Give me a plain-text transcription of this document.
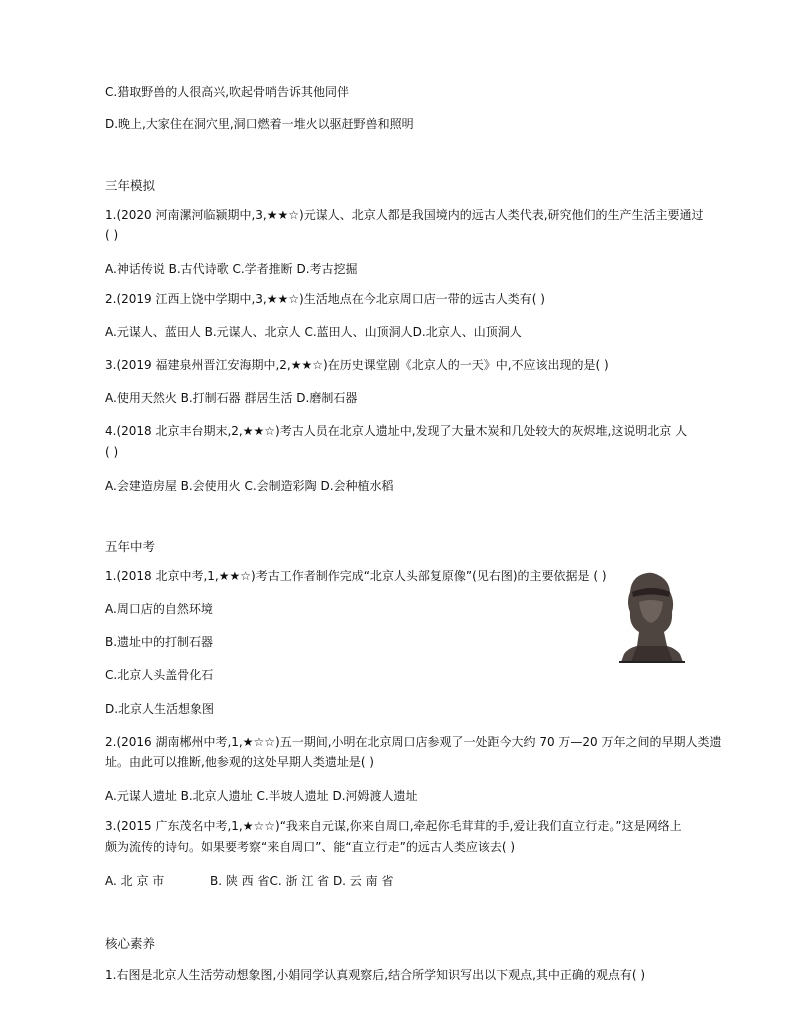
C.猎取野兽的人很高兴,吹起骨哨告诉其他同伴
D.晚上,大家住在洞穴里,洞口燃着一堆火以驱赶野兽和照明
三年模拟
1.(2020 河南漯河临颍期中,3,★★☆)元谋人、北京人都是我国境内的远古人类代表,研究他们的生产生活主要通过
( )
A.神话传说 B.古代诗歌 C.学者推断 D.考古挖掘
2.(2019 江西上饶中学期中,3,★★☆)生活地点在今北京周口店一带的远古人类有( )
A.元谋人、蓝田人 B.元谋人、北京人 C.蓝田人、山顶洞人D.北京人、山顶洞人
3.(2019 福建泉州晋江安海期中,2,★★☆)在历史课堂剧《北京人的一天》中,不应该出现的是( )
A.使用天然火 B.打制石器 群居生活 D.磨制石器
4.(2018 北京丰台期末,2,★★☆)考古人员在北京人遗址中,发现了大量木炭和几处较大的灰烬堆,这说明北京 人
( )
A.会建造房屋 B.会使用火 C.会制造彩陶 D.会种植水稻
五年中考
1.(2018 北京中考,1,★★☆)考古工作者制作完成“北京人头部复原像”(见右图)的主要依据是 ( )
A.周口店的自然环境
B.遗址中的打制石器
C.北京人头盖骨化石
D.北京人生活想象图
2.(2016 湖南郴州中考,1,★☆☆)五一期间,小明在北京周口店参观了一处距今大约 70 万—20 万年之间的早期人类遗
址。由此可以推断,他参观的这处早期人类遗址是( )
A.元谋人遗址 B.北京人遗址 C.半坡人遗址 D.河姆渡人遗址
3.(2015 广东茂名中考,1,★☆☆)“我来自元谋,你来自周口,牵起你毛茸茸的手,爱让我们直立行走。”这是网络上
颇为流传的诗句。如果要考察“来自周口”、能“直立行走”的远古人类应该去( )
A. 北 京 市	B. 陕 西 省C. 浙 江 省 D. 云 南 省
核心素养
1.右图是北京人生活劳动想象图,小娟同学认真观察后,结合所学知识写出以下观点,其中正确的观点有( )
